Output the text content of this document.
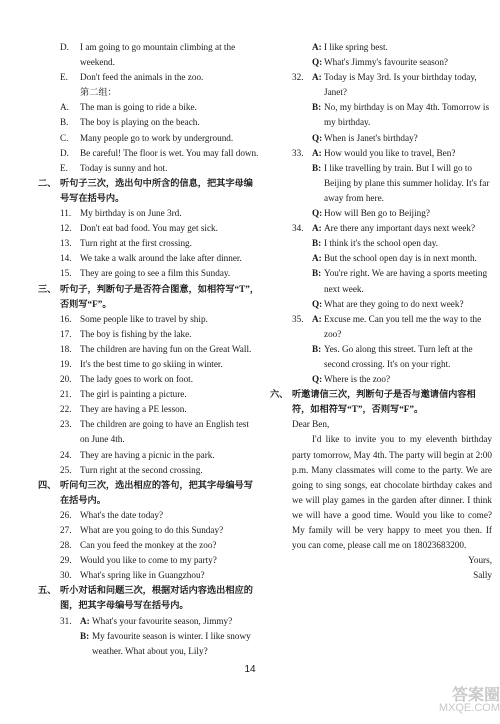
D.	I am going to go mountain climbing at the weekend.
E.	Don't feed the animals in the zoo.
第二组：
A.	The man is going to ride a bike.
B.	The boy is playing on the beach.
C.	Many people go to work by underground.
D.	Be careful! The floor is wet. You may fall down.
E.	Today is sunny and hot.
二、 听句子三次，选出句中所含的信息，把其字母编号写在括号内。
11. My birthday is on June 3rd.
12. Don't eat bad food. You may get sick.
13. Turn right at the first crossing.
14. We take a walk around the lake after dinner.
15. They are going to see a film this Sunday.
三、 听句子，判断句子是否符合图意，如相符写“T”，否则写“F”。
16. Some people like to travel by ship.
17. The boy is fishing by the lake.
18. The children are having fun on the Great Wall.
19. It's the best time to go skiing in winter.
20. The lady goes to work on foot.
21. The girl is painting a picture.
22. They are having a PE lesson.
23. The children are going to have an English test on June 4th.
24. They are having a picnic in the park.
25. Turn right at the second crossing.
四、 听问句三次，选出相应的答句，把其字母编号写在括号内。
26. What's the date today?
27. What are you going to do this Sunday?
28. Can you feed the monkey at the zoo?
29. Would you like to come to my party?
30. What's spring like in Guangzhou?
五、 听小对话和问题三次，根据对话内容选出相应的图，把其字母编号写在括号内。
31. A: What's your favourite season, Jimmy?
B: My favourite season is winter. I like snowy weather. What about you, Lily?
A: I like spring best.
Q: What's Jimmy's favourite season?
32. A: Today is May 3rd. Is your birthday today, Janet?
B: No, my birthday is on May 4th. Tomorrow is my birthday.
Q: When is Janet's birthday?
33. A: How would you like to travel, Ben?
B: I like travelling by train. But I will go to Beijing by plane this summer holiday. It's far away from here.
Q: How will Ben go to Beijing?
34. A: Are there any important days next week?
B: I think it's the school open day.
A: But the school open day is in next month.
B: You're right. We are having a sports meeting next week.
Q: What are they going to do next week?
35. A: Excuse me. Can you tell me the way to the zoo?
B: Yes. Go along this street. Turn left at the second crossing. It's on your right.
Q: Where is the zoo?
六、 听邀请信三次，判断句子是否与邀请信内容相符，如相符写“T”，否则写“F”。
Dear Ben,
I'd like to invite you to my eleventh birthday party tomorrow, May 4th. The party will begin at 2:00 p.m. Many classmates will come to the party. We are going to sing songs, eat chocolate birthday cakes and we will play games in the garden after dinner. I think we will have a good time. Would you like to come? My family will be very happy to meet you then. If you can come, please call me on 18023683200.
Yours,
Sally
14
答案圈
MXQE.COM
